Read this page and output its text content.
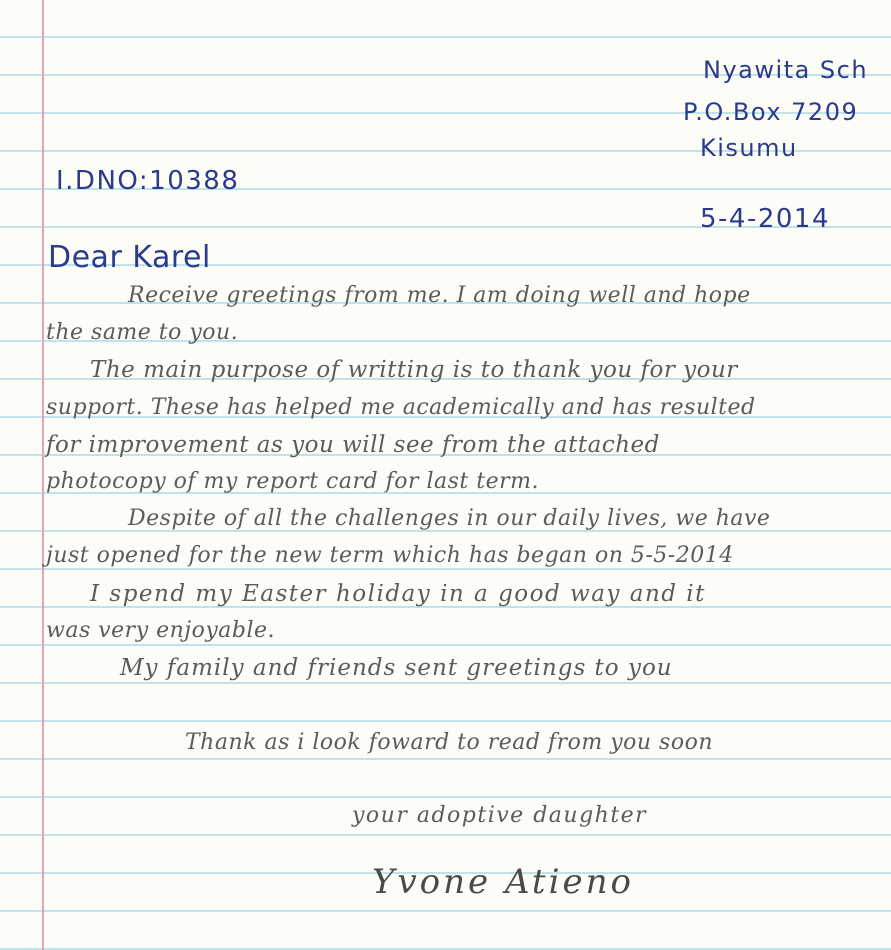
Nyawita Sch
P.O.Box 7209
Kisumu
I.DNO:10388
5-4-2014
Dear Karel
Receive greetings from me. I am doing well and hope
the same to you.
The main purpose of writting is to thank you for your
support. These has helped me academically and has resulted
for improvement as you will see from the attached
photocopy of my report card for last term.
Despite of all the challenges in our daily lives, we have
just opened for the new term which has began on 5-5-2014
I spend my Easter holiday in a good way and it
was very enjoyable.
My family and friends sent greetings to you
Thank as i look foward to read from you soon
your adoptive daughter
Yvone Atieno
